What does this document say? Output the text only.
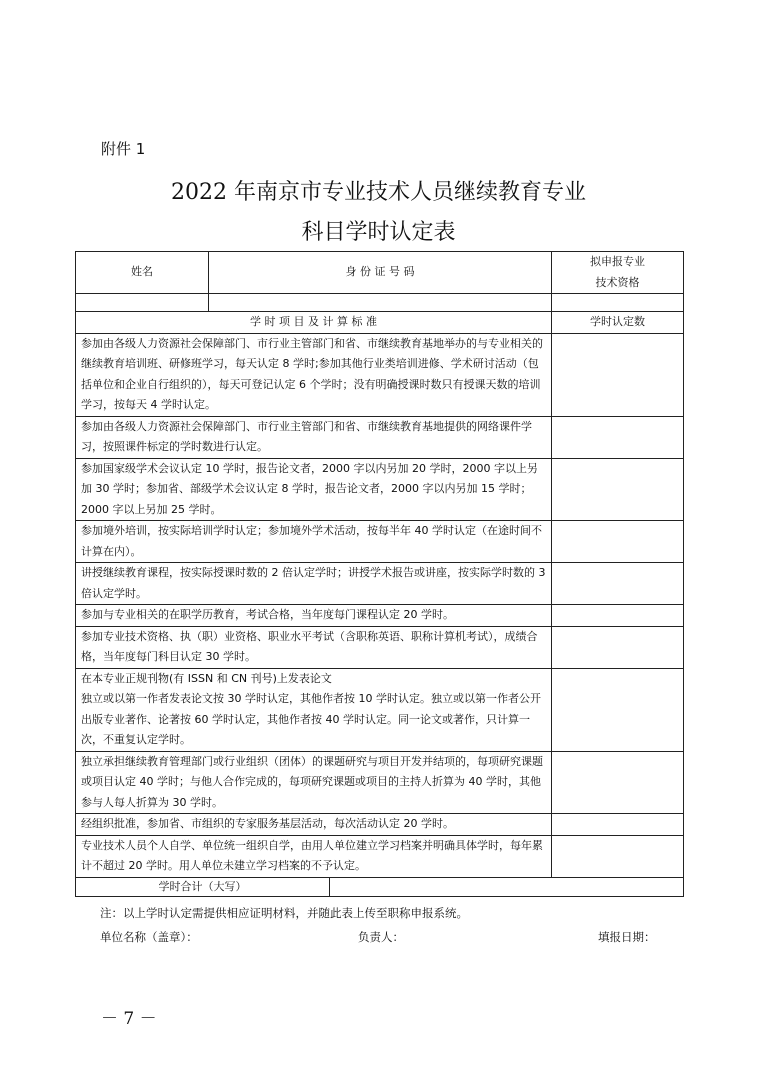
附件 1
2022 年南京市专业技术人员继续教育专业
科目学时认定表
姓名	身 份 证 号 码		拟申报专业
技术资格

学 时 项 目 及 计 算 标 准			学时认定数
参加由各级人力资源社会保障部门、市行业主管部门和省、市继续教育基地举办的与专业相关的继续教育培训班、研修班学习，每天认定 8 学时;参加其他行业类培训进修、学术研讨活动（包括单位和企业自行组织的），每天可登记认定 6 个学时；没有明确授课时数只有授课天数的培训学习，按每天 4 学时认定。			
参加由各级人力资源社会保障部门、市行业主管部门和省、市继续教育基地提供的网络课件学习，按照课件标定的学时数进行认定。			
参加国家级学术会议认定 10 学时，报告论文者，2000 字以内另加 20 学时，2000 字以上另加 30 学时；参加省、部级学术会议认定 8 学时，报告论文者，2000 字以内另加 15 学时；2000 字以上另加 25 学时。			
参加境外培训，按实际培训学时认定；参加境外学术活动，按每半年 40 学时认定（在途时间不计算在内）。			
讲授继续教育课程，按实际授课时数的 2 倍认定学时；讲授学术报告或讲座，按实际学时数的 3 倍认定学时。			
参加与专业相关的在职学历教育，考试合格，当年度每门课程认定 20 学时。			
参加专业技术资格、执（职）业资格、职业水平考试（含职称英语、职称计算机考试），成绩合格，当年度每门科目认定 30 学时。			

在本专业正规刊物(有 ISSN 和 CN 刊号)上发表论文
独立或以第一作者发表论文按 30 学时认定，其他作者按 10 学时认定。独立或以第一作者公开出版专业著作、论著按 60 学时认定，其他作者按 40 学时认定。同一论文或著作，只计算一次，不重复认定学时。			

独立承担继续教育管理部门或行业组织（团体）的课题研究与项目开发并结项的，每项研究课题或项目认定 40 学时；与他人合作完成的，每项研究课题或项目的主持人折算为 40 学时，其他参与人每人折算为 30 学时。			
经组织批准，参加省、市组织的专家服务基层活动，每次活动认定 20 学时。			
专业技术人员个人自学、单位统一组织自学，由用人单位建立学习档案并明确具体学时，每年累计不超过 20 学时。用人单位未建立学习档案的不予认定。			
学时合计（大写）			
注：以上学时认定需提供相应证明材料，并随此表上传至职称申报系统。
单位名称（盖章）：	负责人：	填报日期：
－ 7 －
